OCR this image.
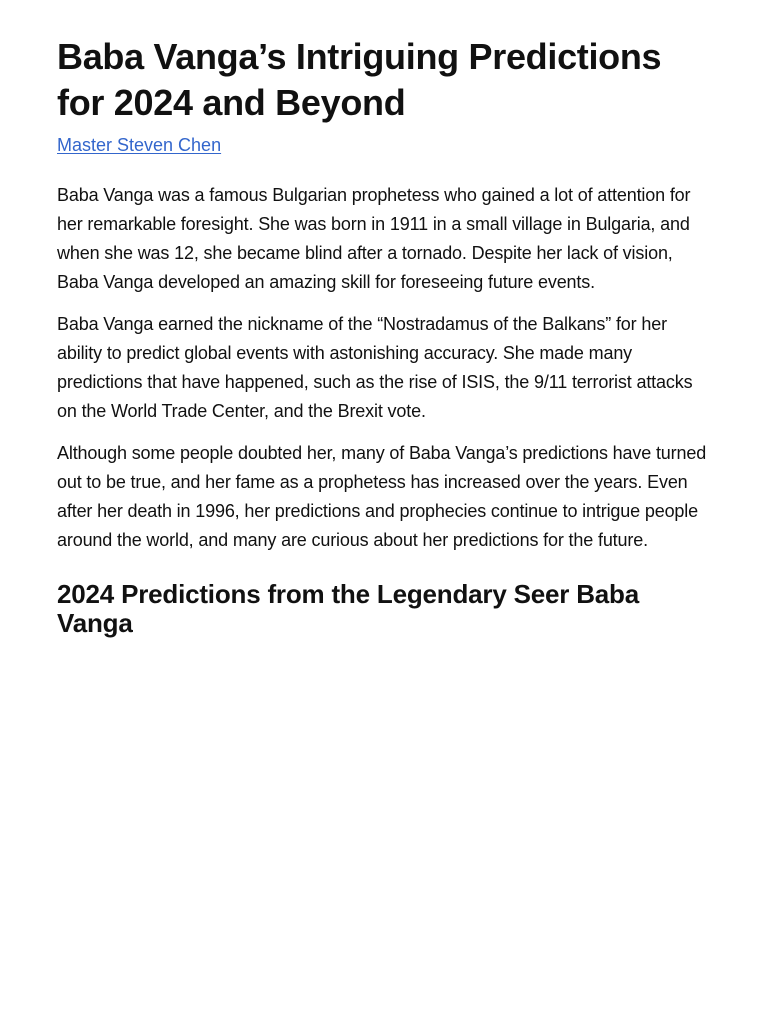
Baba Vanga’s Intriguing Predictions for 2024 and Beyond
Master Steven Chen

Baba Vanga was a famous Bulgarian prophetess who gained a lot of attention for her remarkable foresight. She was born in 1911 in a small village in Bulgaria, and when she was 12, she became blind after a tornado. Despite her lack of vision, Baba Vanga developed an amazing skill for foreseeing future events.

Baba Vanga earned the nickname of the “Nostradamus of the Balkans” for her ability to predict global events with astonishing accuracy. She made many predictions that have happened, such as the rise of ISIS, the 9/11 terrorist attacks on the World Trade Center, and the Brexit vote.

Although some people doubted her, many of Baba Vanga’s predictions have turned out to be true, and her fame as a prophetess has increased over the years. Even after her death in 1996, her predictions and prophecies continue to intrigue people around the world, and many are curious about her predictions for the future.

2024 Predictions from the Legendary Seer Baba Vanga
